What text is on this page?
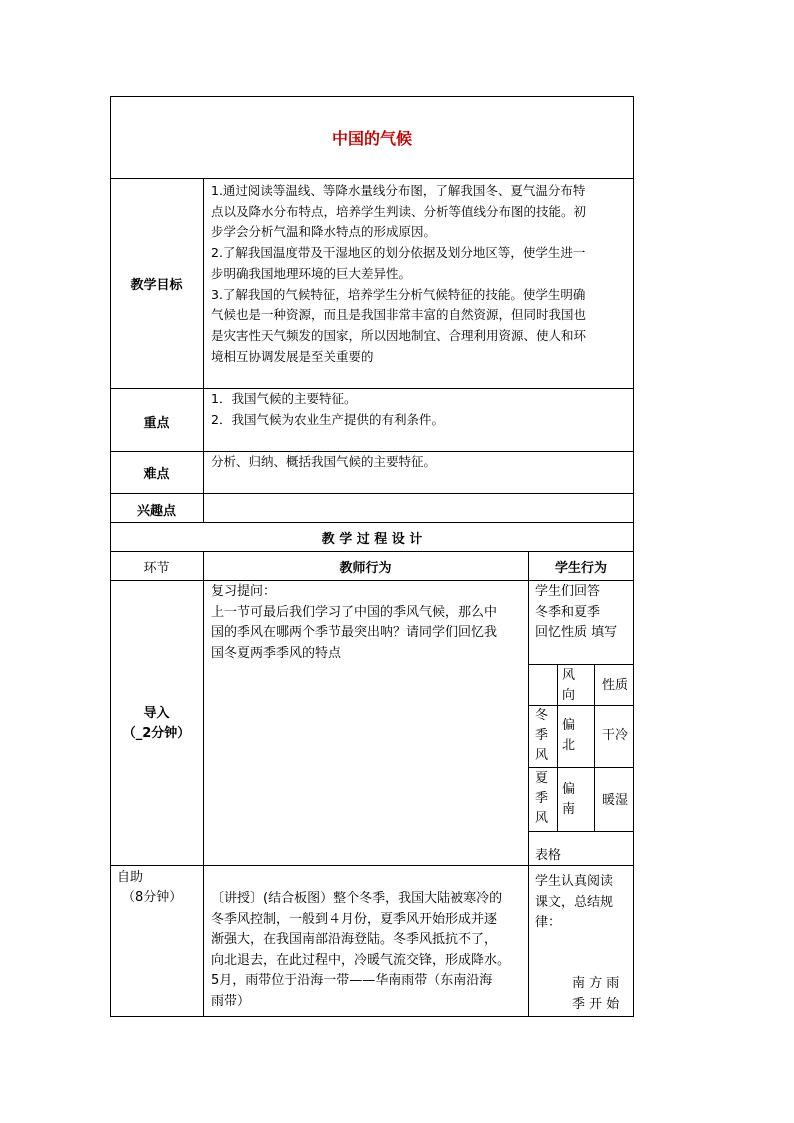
中国的气候
教学目标
1.通过阅读等温线、等降水量线分布图，了解我国冬、夏气温分布特
点以及降水分布特点，培养学生判读、分析等值线分布图的技能。初
步学会分析气温和降水特点的形成原因。
2.了解我国温度带及干湿地区的划分依据及划分地区等，使学生进一
步明确我国地理环境的巨大差异性。
3.了解我国的气候特征，培养学生分析气候特征的技能。使学生明确
气候也是一种资源，而且是我国非常丰富的自然资源，但同时我国也
是灾害性天气频发的国家，所以因地制宜、合理利用资源、使人和环
境相互协调发展是至关重要的
重点
1．我国气候的主要特征。
2．我国气候为农业生产提供的有利条件。
难点
分析、归纳、概括我国气候的主要特征。
兴趣点
教 学 过 程 设 计
环节	教师行为	学生行为
导入
（_2分钟）
复习提问：
上一节可最后我们学习了中国的季风气候，那么中
国的季风在哪两个季节最突出呐？请同学们回忆我
国冬夏两季季风的特点
学生们回答
冬季和夏季
回忆性质 填写
风
向
性质
冬
季
风
偏
北
干冷
夏
季
风
偏
南
暖湿
表格
自助
（8分钟） 〔讲授〕(结合板图）整个冬季，我国大陆被寒冷的
冬季风控制，一般到４月份，夏季风开始形成并逐
渐强大，在我国南部沿海登陆。冬季风抵抗不了，
向北退去，在此过程中，冷暖气流交锋，形成降水。
5月，雨带位于沿海一带——华南雨带（东南沿海
雨带）
学生认真阅读
课文，总结规
律：
南 方 雨
季 开 始
